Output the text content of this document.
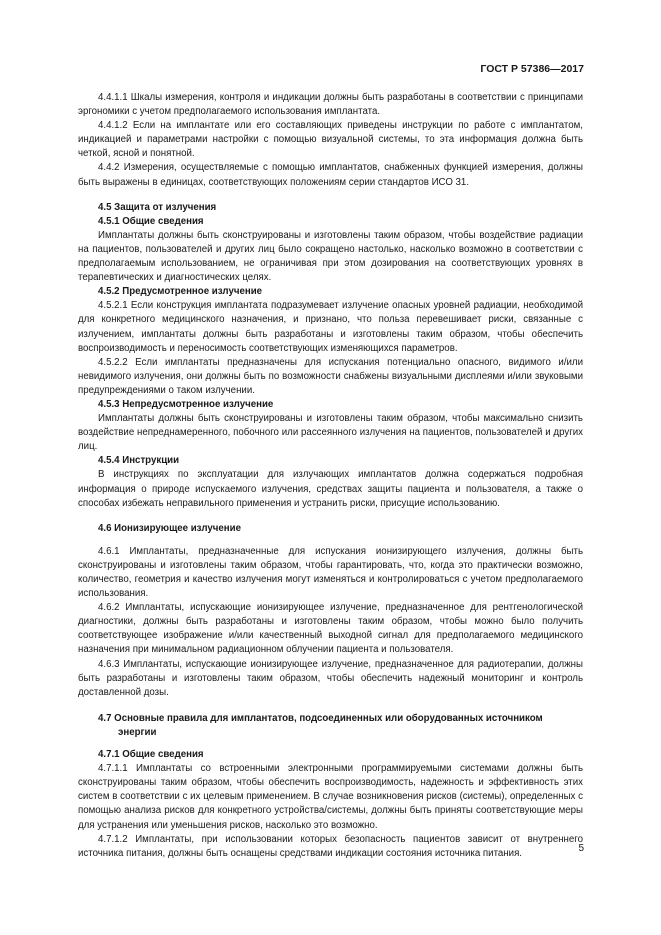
ГОСТ Р 57386—2017

4.4.1.1 Шкалы измерения, контроля и индикации должны быть разработаны в соответствии с принципами эргономики с учетом предполагаемого использования имплантата.

4.4.1.2 Если на имплантате или его составляющих приведены инструкции по работе с имплантатом, индикацией и параметрами настройки с помощью визуальной системы, то эта информация должна быть четкой, ясной и понятной.

4.4.2 Измерения, осуществляемые с помощью имплантатов, снабженных функцией измерения, должны быть выражены в единицах, соответствующих положениям серии стандартов ИСО 31.

4.5 Защита от излучения
4.5.1 Общие сведения

Имплантаты должны быть сконструированы и изготовлены таким образом, чтобы воздействие радиации на пациентов, пользователей и других лиц было сокращено настолько, насколько возможно в соответствии с предполагаемым использованием, не ограничивая при этом дозирования на соответствующих уровнях в терапевтических и диагностических целях.

4.5.2 Предусмотренное излучение

4.5.2.1 Если конструкция имплантата подразумевает излучение опасных уровней радиации, необходимой для конкретного медицинского назначения, и признано, что польза перевешивает риски, связанные с излучением, имплантаты должны быть разработаны и изготовлены таким образом, чтобы обеспечить воспроизводимость и переносимость соответствующих изменяющихся параметров.

4.5.2.2 Если имплантаты предназначены для испускания потенциально опасного, видимого и/или невидимого излучения, они должны быть по возможности снабжены визуальными дисплеями и/или звуковыми предупреждениями о таком излучении.

4.5.3 Непредусмотренное излучение

Имплантаты должны быть сконструированы и изготовлены таким образом, чтобы максимально снизить воздействие непреднамеренного, побочного или рассеянного излучения на пациентов, пользователей и других лиц.

4.5.4 Инструкции

В инструкциях по эксплуатации для излучающих имплантатов должна содержаться подробная информация о природе испускаемого излучения, средствах защиты пациента и пользователя, а также о способах избежать неправильного применения и устранить риски, присущие использованию.

4.6 Ионизирующее излучение

4.6.1 Имплантаты, предназначенные для испускания ионизирующего излучения, должны быть сконструированы и изготовлены таким образом, чтобы гарантировать, что, когда это практически возможно, количество, геометрия и качество излучения могут изменяться и контролироваться с учетом предполагаемого использования.

4.6.2 Имплантаты, испускающие ионизирующее излучение, предназначенное для рентгенологической диагностики, должны быть разработаны и изготовлены таким образом, чтобы можно было получить соответствующее изображение и/или качественный выходной сигнал для предполагаемого медицинского назначения при минимальном радиационном облучении пациента и пользователя.

4.6.3 Имплантаты, испускающие ионизирующее излучение, предназначенное для радиотерапии, должны быть разработаны и изготовлены таким образом, чтобы обеспечить надежный мониторинг и контроль доставленной дозы.

4.7 Основные правила для имплантатов, подсоединенных или оборудованных источником энергии
4.7.1 Общие сведения

4.7.1.1 Имплантаты со встроенными электронными программируемыми системами должны быть сконструированы таким образом, чтобы обеспечить воспроизводимость, надежность и эффективность этих систем в соответствии с их целевым применением. В случае возникновения рисков (системы), определенных с помощью анализа рисков для конкретного устройства/системы, должны быть приняты соответствующие меры для устранения или уменьшения рисков, насколько это возможно.

4.7.1.2 Имплантаты, при использовании которых безопасность пациентов зависит от внутреннего источника питания, должны быть оснащены средствами индикации состояния источника питания.	5
